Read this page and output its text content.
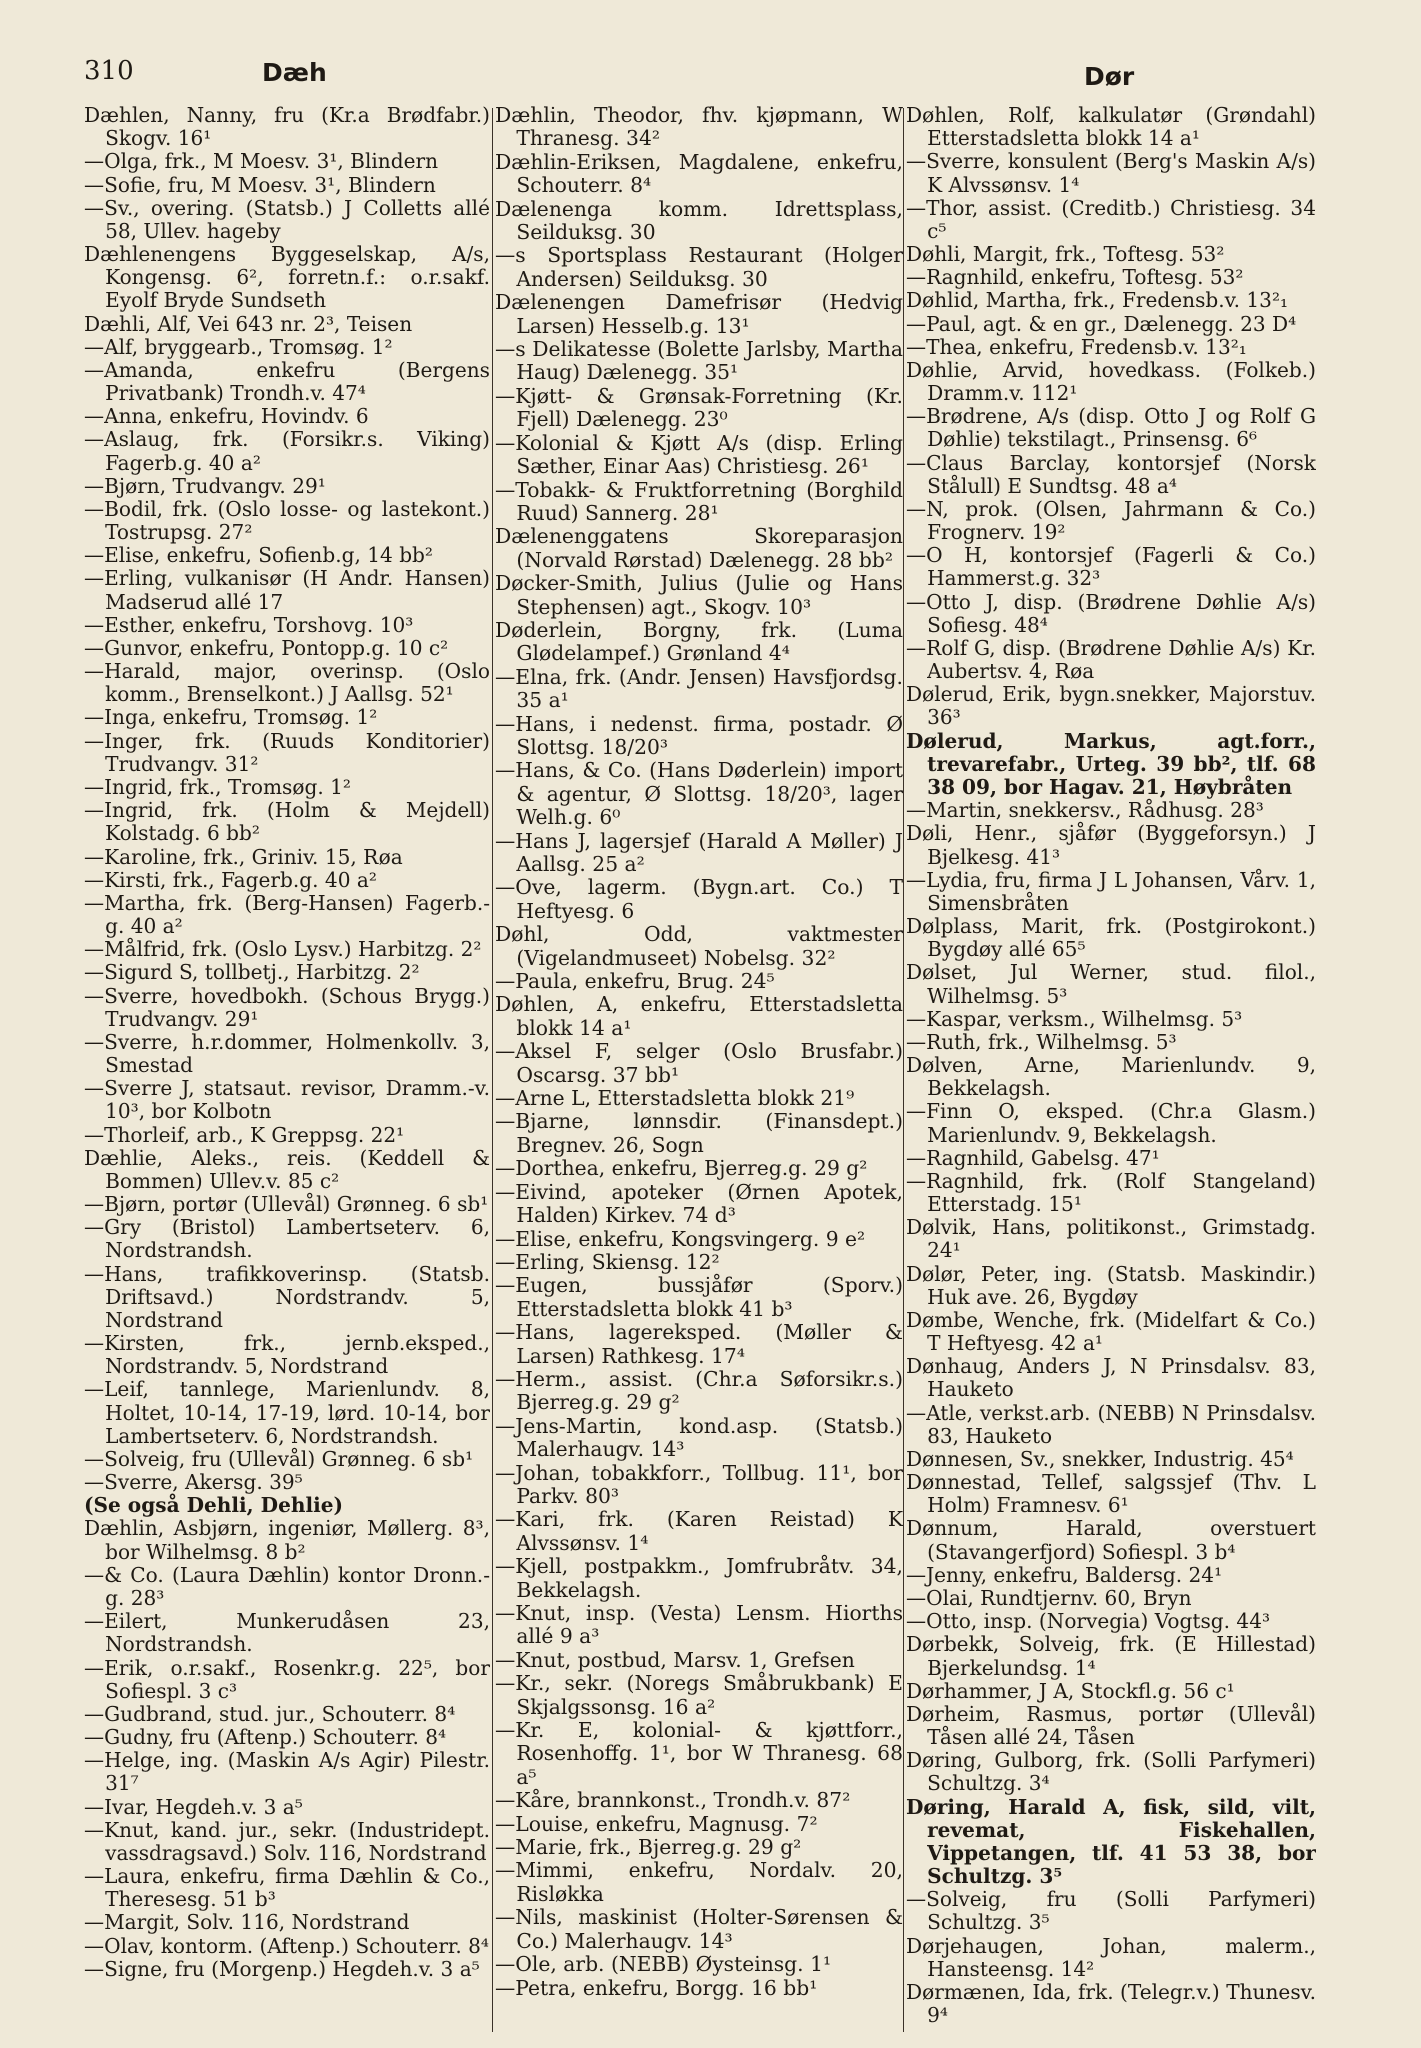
310	Dæh	Dør

Dæhlen, Nanny, fru (Kr.a Brødfabr.) Skogv. 16¹

—Olga, frk., M Moesv. 3¹, Blindern

—Sofie, fru, M Moesv. 3¹, Blindern

—Sv., overing. (Statsb.) J Colletts allé 58, Ullev. hageby

Dæhlenengens Byggeselskap, A/s, Kongensg. 6², forretn.f.: o.r.sakf. Eyolf Bryde Sundseth

Dæhli, Alf, Vei 643 nr. 2³, Teisen

—Alf, bryggearb., Tromsøg. 1²

—Amanda, enkefru (Bergens Privatbank) Trondh.v. 47⁴

—Anna, enkefru, Hovindv. 6

—Aslaug, frk. (Forsikr.s. Viking) Fagerb.g. 40 a²

—Bjørn, Trudvangv. 29¹

—Bodil, frk. (Oslo losse- og lastekont.) Tostrupsg. 27²

—Elise, enkefru, Sofienb.g, 14 bb²

—Erling, vulkanisør (H Andr. Hansen) Madserud allé 17

—Esther, enkefru, Torshovg. 10³

—Gunvor, enkefru, Pontopp.g. 10 c²

—Harald, major, overinsp. (Oslo komm., Brenselkont.) J Aallsg. 52¹

—Inga, enkefru, Tromsøg. 1²

—Inger, frk. (Ruuds Konditorier) Trudvangv. 31²

—Ingrid, frk., Tromsøg. 1²

—Ingrid, frk. (Holm & Mejdell) Kolstadg. 6 bb²

—Karoline, frk., Griniv. 15, Røa

—Kirsti, frk., Fagerb.g. 40 a²

—Martha, frk. (Berg-Hansen) Fagerb.-g. 40 a²

—Målfrid, frk. (Oslo Lysv.) Harbitzg. 2²

—Sigurd S, tollbetj., Harbitzg. 2²

—Sverre, hovedbokh. (Schous Brygg.) Trudvangv. 29¹

—Sverre, h.r.dommer, Holmenkollv. 3, Smestad

—Sverre J, statsaut. revisor, Dramm.-v. 10³, bor Kolbotn

—Thorleif, arb., K Greppsg. 22¹

Dæhlie, Aleks., reis. (Keddell & Bommen) Ullev.v. 85 c²

—Bjørn, portør (Ullevål) Grønneg. 6 sb¹

—Gry (Bristol) Lambertseterv. 6, Nordstrandsh.

—Hans, trafikkoverinsp. (Statsb. Driftsavd.) Nordstrandv. 5, Nordstrand

—Kirsten, frk., jernb.eksped., Nordstrandv. 5, Nordstrand

—Leif, tannlege, Marienlundv. 8, Holtet, 10-14, 17-19, lørd. 10-14, bor Lambertseterv. 6, Nordstrandsh.

—Solveig, fru (Ullevål) Grønneg. 6 sb¹

—Sverre, Akersg. 39⁵

(Se også Dehli, Dehlie)

Dæhlin, Asbjørn, ingeniør, Møllerg. 8³, bor Wilhelmsg. 8 b²

—& Co. (Laura Dæhlin) kontor Dronn.-g. 28³

—Eilert, Munkerudåsen 23, Nordstrandsh.

—Erik, o.r.sakf., Rosenkr.g. 22⁵, bor Sofiespl. 3 c³

—Gudbrand, stud. jur., Schouterr. 8⁴

—Gudny, fru (Aftenp.) Schouterr. 8⁴

—Helge, ing. (Maskin A/s Agir) Pilestr. 31⁷

—Ivar, Hegdeh.v. 3 a⁵

—Knut, kand. jur., sekr. (Industridept. vassdragsavd.) Solv. 116, Nordstrand

—Laura, enkefru, firma Dæhlin & Co., Theresesg. 51 b³

—Margit, Solv. 116, Nordstrand

—Olav, kontorm. (Aftenp.) Schouterr. 8⁴

—Signe, fru (Morgenp.) Hegdeh.v. 3 a⁵

Dæhlin, Theodor, fhv. kjøpmann, W Thranesg. 34²

Dæhlin-Eriksen, Magdalene, enkefru, Schouterr. 8⁴

Dælenenga komm. Idrettsplass, Seilduksg. 30

—s Sportsplass Restaurant (Holger Andersen) Seilduksg. 30

Dælenengen Damefrisør (Hedvig Larsen) Hesselb.g. 13¹

—s Delikatesse (Bolette Jarlsby, Martha Haug) Dælenegg. 35¹

—Kjøtt- & Grønsak-Forretning (Kr. Fjell) Dælenegg. 23⁰

—Kolonial & Kjøtt A/s (disp. Erling Sæther, Einar Aas) Christiesg. 26¹

—Tobakk- & Fruktforretning (Borghild Ruud) Sannerg. 28¹

Dælenenggatens Skoreparasjon (Norvald Rørstad) Dælenegg. 28 bb²

Døcker-Smith, Julius (Julie og Hans Stephensen) agt., Skogv. 10³

Døderlein, Borgny, frk. (Luma Glødelampef.) Grønland 4⁴

—Elna, frk. (Andr. Jensen) Havsfjordsg. 35 a¹

—Hans, i nedenst. firma, postadr. Ø Slottsg. 18/20³

—Hans, & Co. (Hans Døderlein) import & agentur, Ø Slottsg. 18/20³, lager Welh.g. 6⁰

—Hans J, lagersjef (Harald A Møller) J Aallsg. 25 a²

—Ove, lagerm. (Bygn.art. Co.) T Heftyesg. 6

Døhl, Odd, vaktmester (Vigelandmuseet) Nobelsg. 32²

—Paula, enkefru, Brug. 24⁵

Døhlen, A, enkefru, Etterstadsletta blokk 14 a¹

—Aksel F, selger (Oslo Brusfabr.) Oscarsg. 37 bb¹

—Arne L, Etterstadsletta blokk 21⁹

—Bjarne, lønnsdir. (Finansdept.) Bregnev. 26, Sogn

—Dorthea, enkefru, Bjerreg.g. 29 g²

—Eivind, apoteker (Ørnen Apotek, Halden) Kirkev. 74 d³

—Elise, enkefru, Kongsvingerg. 9 e²

—Erling, Skiensg. 12²

—Eugen, bussjåfør (Sporv.) Etterstadsletta blokk 41 b³

—Hans, lagereksped. (Møller & Larsen) Rathkesg. 17⁴

—Herm., assist. (Chr.a Søforsikr.s.) Bjerreg.g. 29 g²

—Jens-Martin, kond.asp. (Statsb.) Malerhaugv. 14³

—Johan, tobakkforr., Tollbug. 11¹, bor Parkv. 80³

—Kari, frk. (Karen Reistad) K Alvssønsv. 1⁴

—Kjell, postpakkm., Jomfrubråtv. 34, Bekkelagsh.

—Knut, insp. (Vesta) Lensm. Hiorths allé 9 a³

—Knut, postbud, Marsv. 1, Grefsen

—Kr., sekr. (Noregs Småbrukbank) E Skjalgssonsg. 16 a²

—Kr. E, kolonial- & kjøttforr., Rosenhoffg. 1¹, bor W Thranesg. 68 a⁵

—Kåre, brannkonst., Trondh.v. 87²

—Louise, enkefru, Magnusg. 7²

—Marie, frk., Bjerreg.g. 29 g²

—Mimmi, enkefru, Nordalv. 20, Risløkka

—Nils, maskinist (Holter-Sørensen & Co.) Malerhaugv. 14³

—Ole, arb. (NEBB) Øysteinsg. 1¹

—Petra, enkefru, Borgg. 16 bb¹

Døhlen, Rolf, kalkulatør (Grøndahl) Etterstadsletta blokk 14 a¹

—Sverre, konsulent (Berg's Maskin A/s) K Alvssønsv. 1⁴

—Thor, assist. (Creditb.) Christiesg. 34 c⁵

Døhli, Margit, frk., Toftesg. 53²

—Ragnhild, enkefru, Toftesg. 53²

Døhlid, Martha, frk., Fredensb.v. 13²₁

—Paul, agt. & en gr., Dælenegg. 23 D⁴

—Thea, enkefru, Fredensb.v. 13²₁

Døhlie, Arvid, hovedkass. (Folkeb.) Dramm.v. 112¹

—Brødrene, A/s (disp. Otto J og Rolf G Døhlie) tekstilagt., Prinsensg. 6⁶

—Claus Barclay, kontorsjef (Norsk Stålull) E Sundtsg. 48 a⁴

—N, prok. (Olsen, Jahrmann & Co.) Frognerv. 19²

—O H, kontorsjef (Fagerli & Co.) Hammerst.g. 32³

—Otto J, disp. (Brødrene Døhlie A/s) Sofiesg. 48⁴

—Rolf G, disp. (Brødrene Døhlie A/s) Kr. Aubertsv. 4, Røa

Dølerud, Erik, bygn.snekker, Majorstuv. 36³

Dølerud, Markus, agt.forr., trevarefabr., Urteg. 39 bb², tlf. 68 38 09, bor Hagav. 21, Høybråten

—Martin, snekkersv., Rådhusg. 28³

Døli, Henr., sjåfør (Byggeforsyn.) J Bjelkesg. 41³

—Lydia, fru, firma J L Johansen, Vårv. 1, Simensbråten

Dølplass, Marit, frk. (Postgirokont.) Bygdøy allé 65⁵

Dølset, Jul Werner, stud. filol., Wilhelmsg. 5³

—Kaspar, verksm., Wilhelmsg. 5³

—Ruth, frk., Wilhelmsg. 5³

Dølven, Arne, Marienlundv. 9, Bekkelagsh.

—Finn O, eksped. (Chr.a Glasm.) Marienlundv. 9, Bekkelagsh.

—Ragnhild, Gabelsg. 47¹

—Ragnhild, frk. (Rolf Stangeland) Etterstadg. 15¹

Dølvik, Hans, politikonst., Grimstadg. 24¹

Dølør, Peter, ing. (Statsb. Maskindir.) Huk ave. 26, Bygdøy

Dømbe, Wenche, frk. (Midelfart & Co.) T Heftyesg. 42 a¹

Dønhaug, Anders J, N Prinsdalsv. 83, Hauketo

—Atle, verkst.arb. (NEBB) N Prinsdalsv. 83, Hauketo

Dønnesen, Sv., snekker, Industrig. 45⁴

Dønnestad, Tellef, salgssjef (Thv. L Holm) Framnesv. 6¹

Dønnum, Harald, overstuert (Stavangerfjord) Sofiespl. 3 b⁴

—Jenny, enkefru, Baldersg. 24¹

—Olai, Rundtjernv. 60, Bryn

—Otto, insp. (Norvegia) Vogtsg. 44³

Dørbekk, Solveig, frk. (E Hillestad) Bjerkelundsg. 1⁴

Dørhammer, J A, Stockfl.g. 56 c¹

Dørheim, Rasmus, portør (Ullevål) Tåsen allé 24, Tåsen

Døring, Gulborg, frk. (Solli Parfymeri) Schultzg. 3⁴

Døring, Harald A, fisk, sild, vilt, revemat, Fiskehallen, Vippetangen, tlf. 41 53 38, bor Schultzg. 3⁵

—Solveig, fru (Solli Parfymeri) Schultzg. 3⁵

Dørjehaugen, Johan, malerm., Hansteensg. 14²

Dørmænen, Ida, frk. (Telegr.v.) Thunesv. 9⁴
